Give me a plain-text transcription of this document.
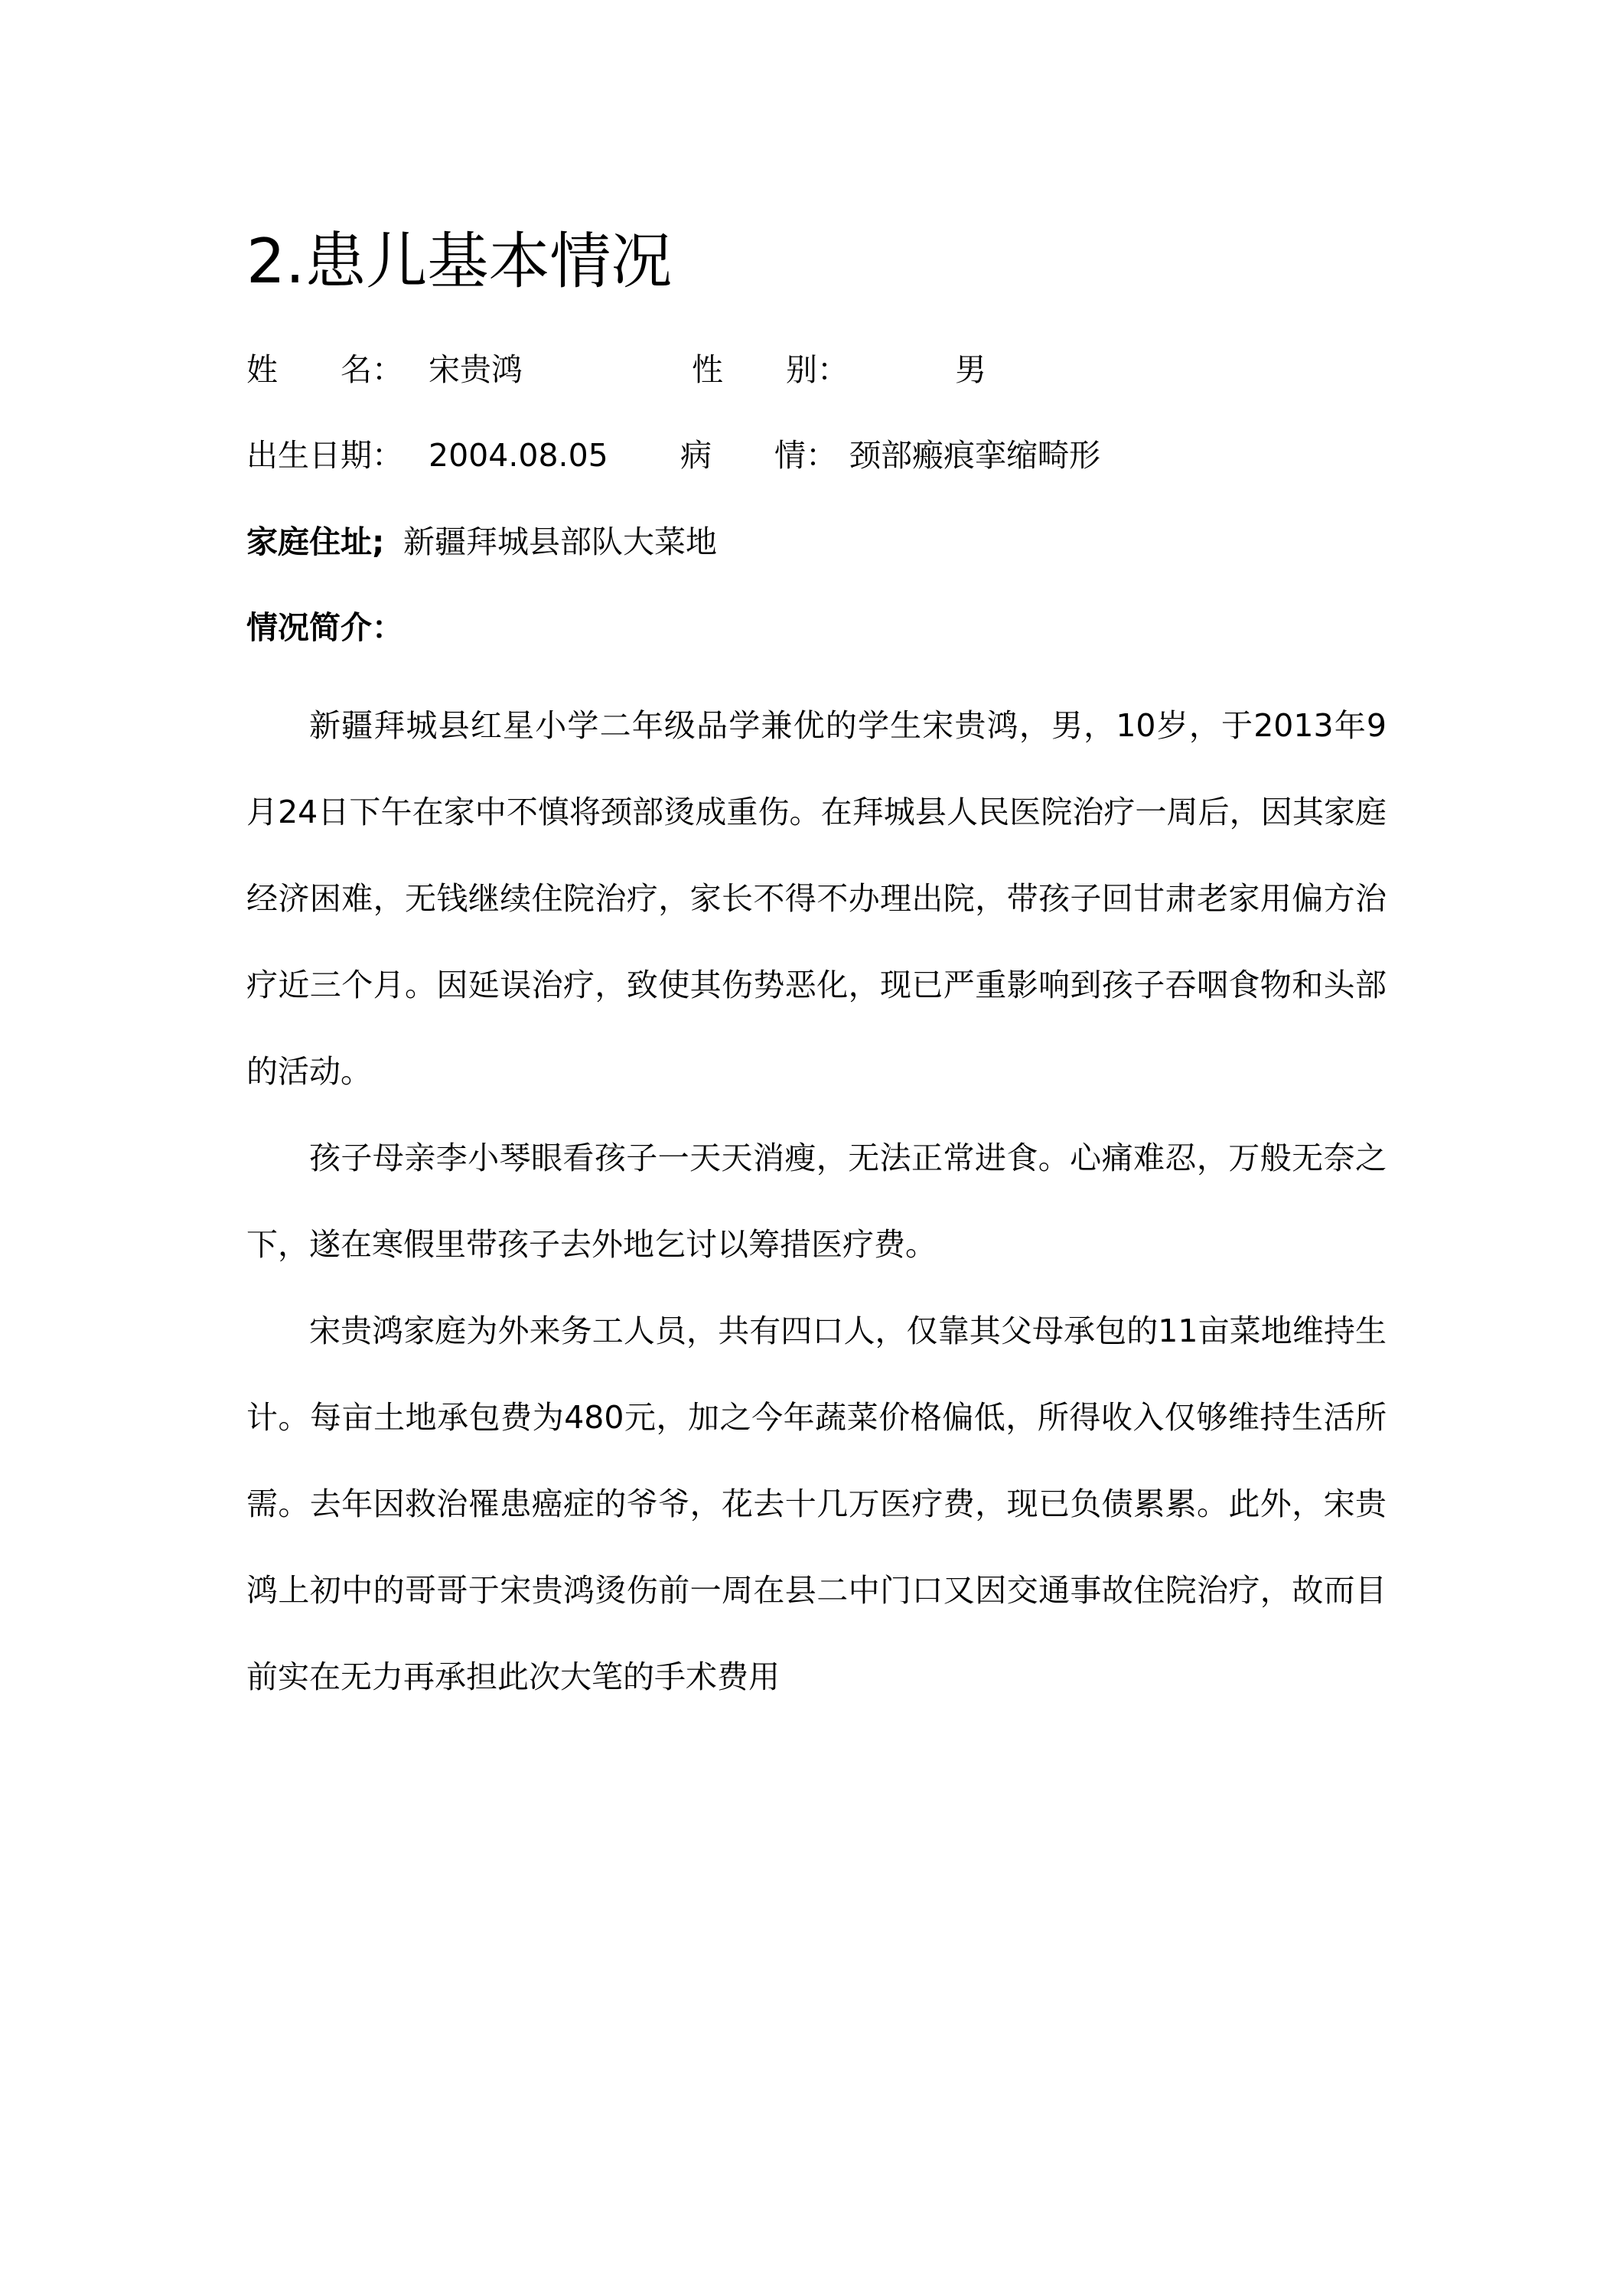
2.患儿基本情况
姓　　名： 宋贵鸿	性　　别：	男
出生日期： 2004.08.05 病　　情： 颈部瘢痕挛缩畸形
家庭住址; 新疆拜城县部队大菜地
情况简介：

新疆拜城县红星小学二年级品学兼优的学生宋贵鸿，男，10岁，于2013年9月24日下午在家中不慎将颈部烫成重伤。在拜城县人民医院治疗一周后，因其家庭经济困难，无钱继续住院治疗，家长不得不办理出院，带孩子回甘肃老家用偏方治疗近三个月。因延误治疗，致使其伤势恶化，现已严重影响到孩子吞咽食物和头部的活动。

孩子母亲李小琴眼看孩子一天天消瘦，无法正常进食。心痛难忍，万般无奈之下，遂在寒假里带孩子去外地乞讨以筹措医疗费。

宋贵鸿家庭为外来务工人员，共有四口人，仅靠其父母承包的11亩菜地维持生计。每亩土地承包费为480元，加之今年蔬菜价格偏低，所得收入仅够维持生活所需。去年因救治罹患癌症的爷爷，花去十几万医疗费，现已负债累累。此外，宋贵鸿上初中的哥哥于宋贵鸿烫伤前一周在县二中门口又因交通事故住院治疗，故而目前实在无力再承担此次大笔的手术费用
